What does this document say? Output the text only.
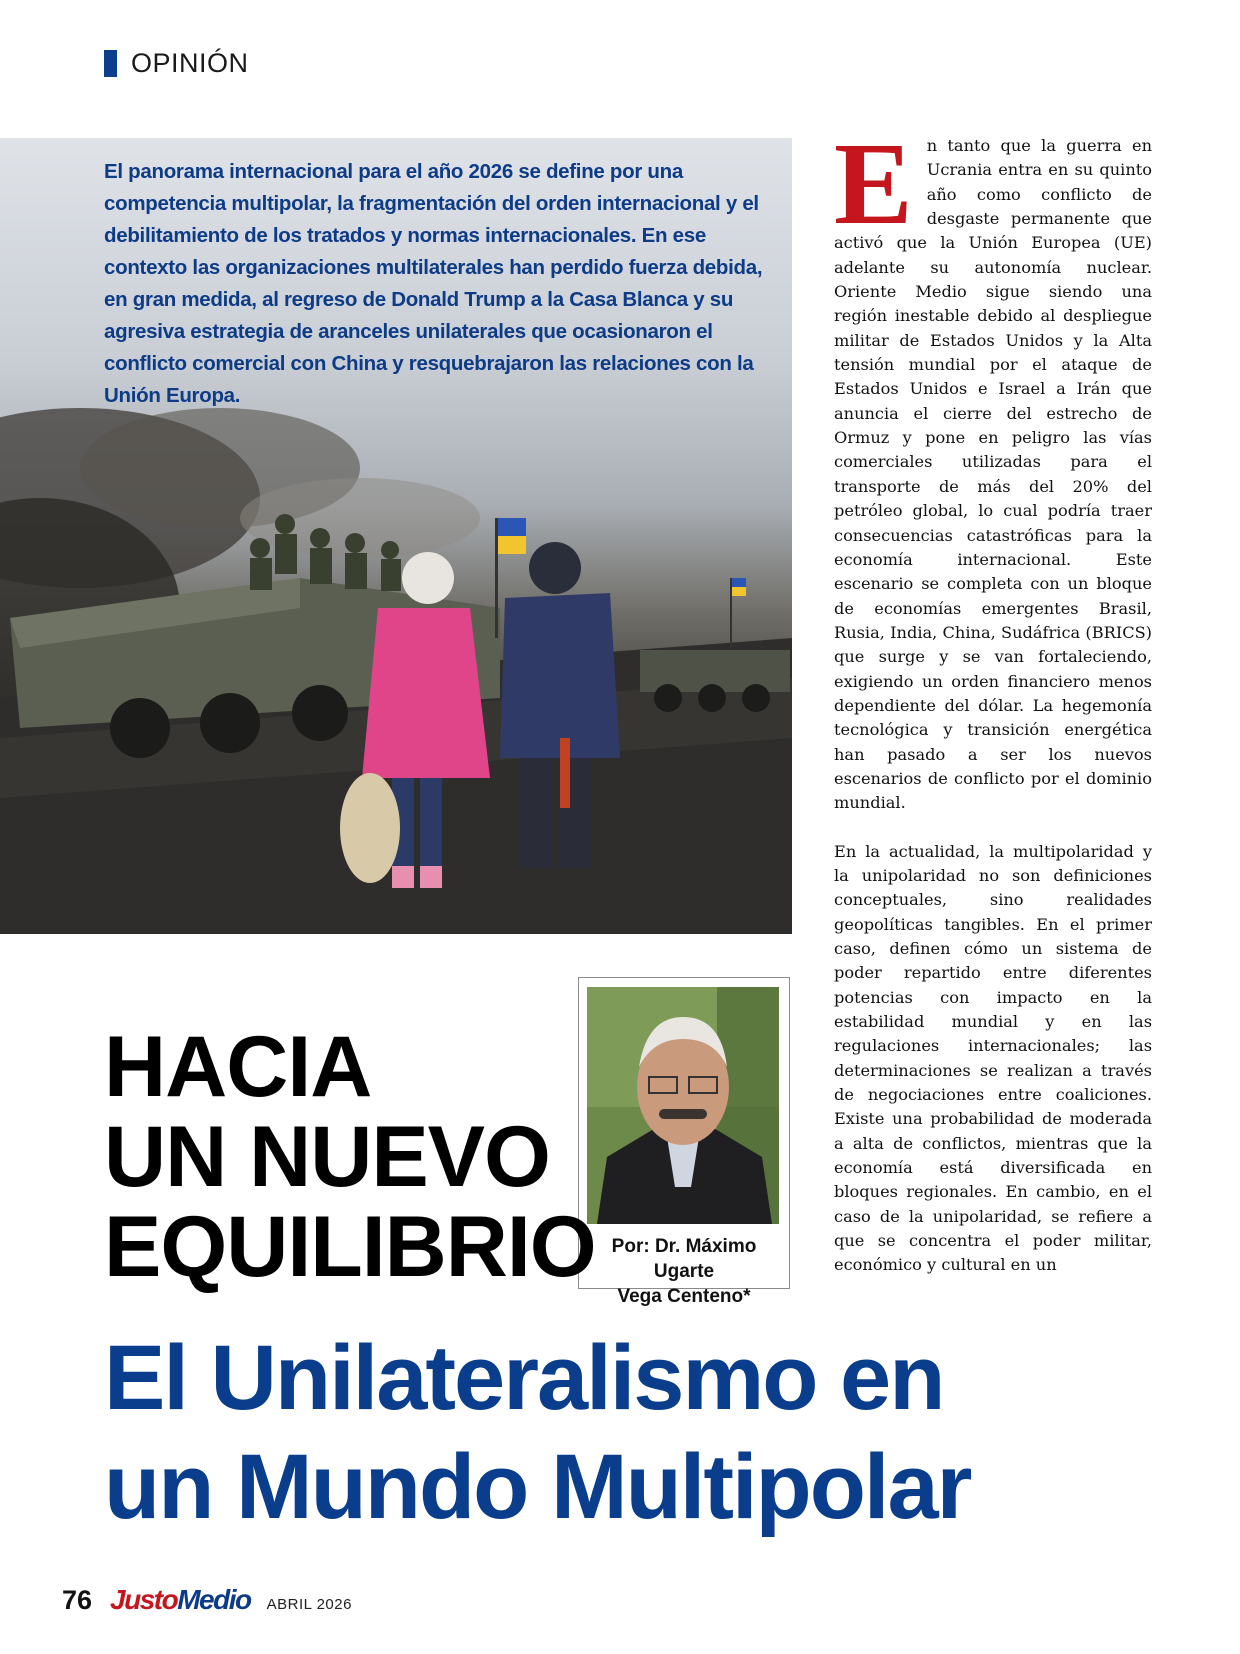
OPINIÓN

El panorama internacional para el año 2026 se define por una competencia multipolar, la fragmentación del orden internacional y el debilitamiento de los tratados y normas internacionales. En ese contexto las organizaciones multilaterales han perdido fuerza debida, en gran medida, al regreso de Donald Trump a la Casa Blanca y su agresiva estrategia de aranceles unilaterales que ocasionaron el conflicto comercial con China y resquebrajaron las relaciones con la Unión Europa.

En tanto que la guerra en Ucrania entra en su quinto año como conflicto de desgaste permanente que activó que la Unión Europea (UE) adelante su autonomía nuclear. Oriente Medio sigue siendo una región inestable debido al despliegue militar de Estados Unidos y la Alta tensión mundial por el ataque de Estados Unidos e Israel a Irán que anuncia el cierre del estrecho de Ormuz y pone en peligro las vías comerciales utilizadas para el transporte de más del 20% del petróleo global, lo cual podría traer consecuencias catastróficas para la economía internacional. Este escenario se completa con un bloque de economías emergentes Brasil, Rusia, India, China, Sudáfrica (BRICS) que surge y se van fortaleciendo, exigiendo un orden financiero menos dependiente del dólar. La hegemonía tecnológica y transición energética han pasado a ser los nuevos escenarios de conflicto por el dominio mundial.

En la actualidad, la multipolaridad y la unipolaridad no son definiciones conceptuales, sino realidades geopolíticas tangibles. En el primer caso, definen cómo un sistema de poder repartido entre diferentes potencias con impacto en la estabilidad mundial y en las regulaciones internacionales; las determinaciones se realizan a través de negociaciones entre coaliciones. Existe una probabilidad de moderada a alta de conflictos, mientras que la economía está diversificada en bloques regionales. En cambio, en el caso de la unipolaridad, se refiere a que se concentra el poder militar, económico y cultural en un

Por: Dr. Máximo Ugarte
Vega Centeno*
HACIA
UN NUEVO
EQUILIBRIO
El Unilateralismo en
un Mundo Multipolar
76 JustoMedio ABRIL 2026
